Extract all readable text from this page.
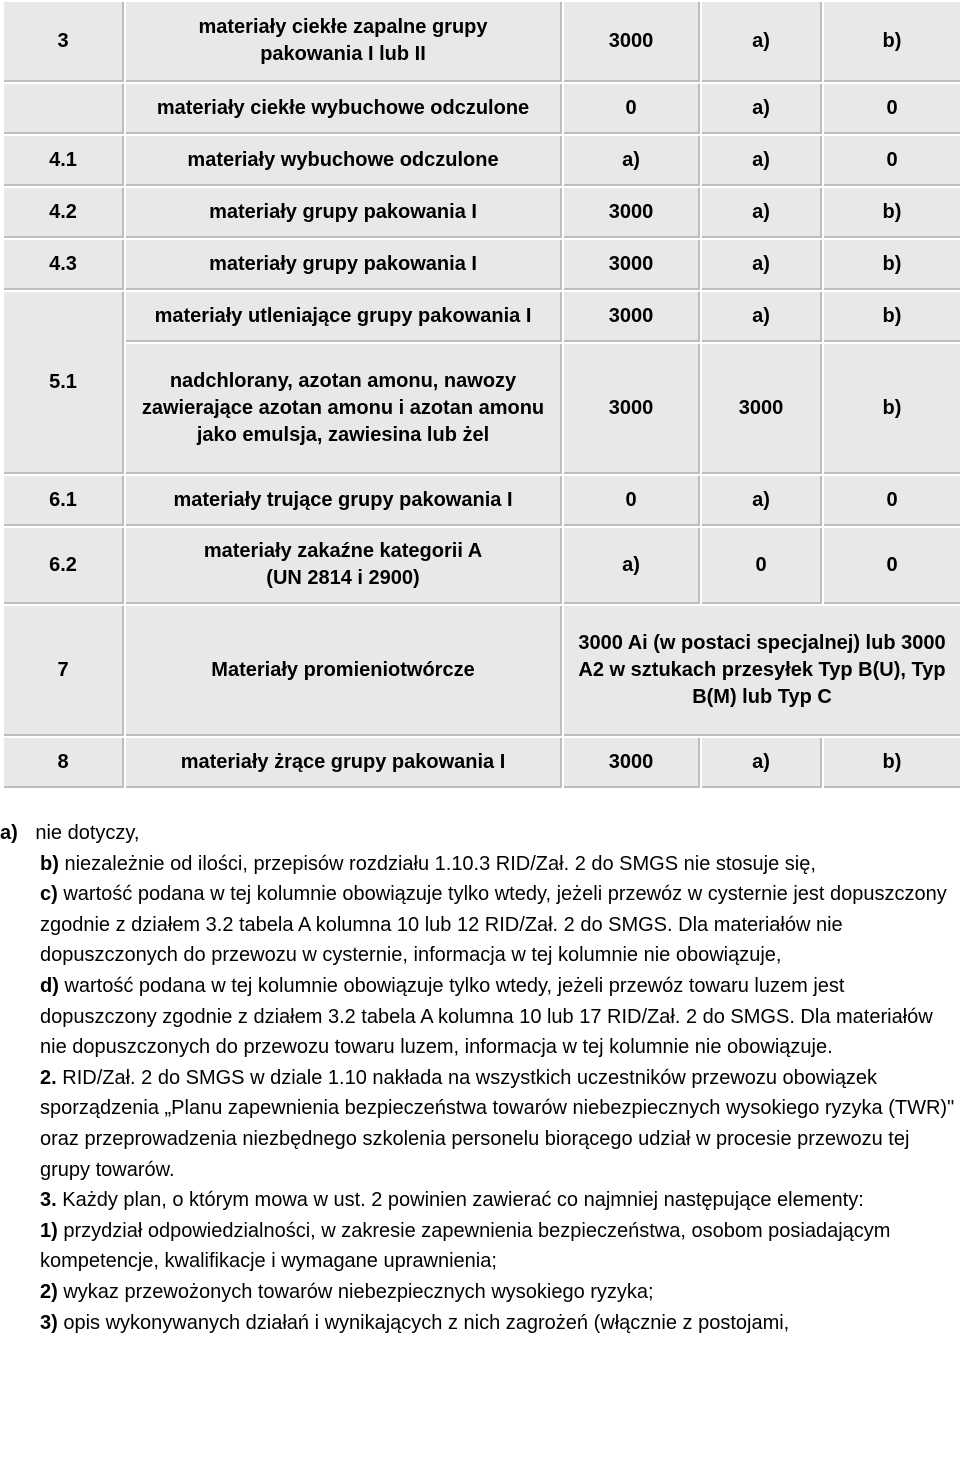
3	materiały ciekłe zapalne grupy pakowania I lub II	3000	a)	b)
	materiały ciekłe wybuchowe odczulone	0	a)	0
4.1	materiały wybuchowe odczulone	a)	a)	0
4.2	materiały grupy pakowania I	3000	a)	b)
4.3	materiały grupy pakowania I	3000	a)	b)
5.1	materiały utleniające grupy pakowania I	3000	a)	b)
	nadchlorany, azotan amonu, nawozy zawierające azotan amonu i azotan amonu jako emulsja, zawiesina lub żel	3000	3000	b)
6.1	materiały trujące grupy pakowania I	0	a)	0
6.2	materiały zakaźne kategorii A (UN 2814 i 2900)	a)	0	0
7	Materiały promieniotwórcze	3000 Ai (w postaci specjalnej) lub 3000 A2 w sztukach przesyłek Typ B(U), Typ B(M) lub Typ C		
8	materiały żrące grupy pakowania I	3000	a)	b)

a) nie dotyczy,

b) niezależnie od ilości, przepisów rozdziału 1.10.3 RID/Zał. 2 do SMGS nie stosuje się,

c) wartość podana w tej kolumnie obowiązuje tylko wtedy, jeżeli przewóz w cysternie jest dopuszczony zgodnie z działem 3.2 tabela A kolumna 10 lub 12 RID/Zał. 2 do SMGS. Dla materiałów nie dopuszczonych do przewozu w cysternie, informacja w tej kolumnie nie obowiązuje,

d) wartość podana w tej kolumnie obowiązuje tylko wtedy, jeżeli przewóz towaru luzem jest dopuszczony zgodnie z działem 3.2 tabela A kolumna 10 lub 17 RID/Zał. 2 do SMGS. Dla materiałów nie dopuszczonych do przewozu towaru luzem, informacja w tej kolumnie nie obowiązuje.

2. RID/Zał. 2 do SMGS w dziale 1.10 nakłada na wszystkich uczestników przewozu obowiązek sporządzenia „Planu zapewnienia bezpieczeństwa towarów niebezpiecznych wysokiego ryzyka (TWR)" oraz przeprowadzenia niezbędnego szkolenia personelu biorącego udział w procesie przewozu tej grupy towarów.

3. Każdy plan, o którym mowa w ust. 2 powinien zawierać co najmniej następujące elementy:

1) przydział odpowiedzialności, w zakresie zapewnienia bezpieczeństwa, osobom posiadającym kompetencje, kwalifikacje i wymagane uprawnienia;

2) wykaz przewożonych towarów niebezpiecznych wysokiego ryzyka;

3) opis wykonywanych działań i wynikających z nich zagrożeń (włącznie z postojami,
